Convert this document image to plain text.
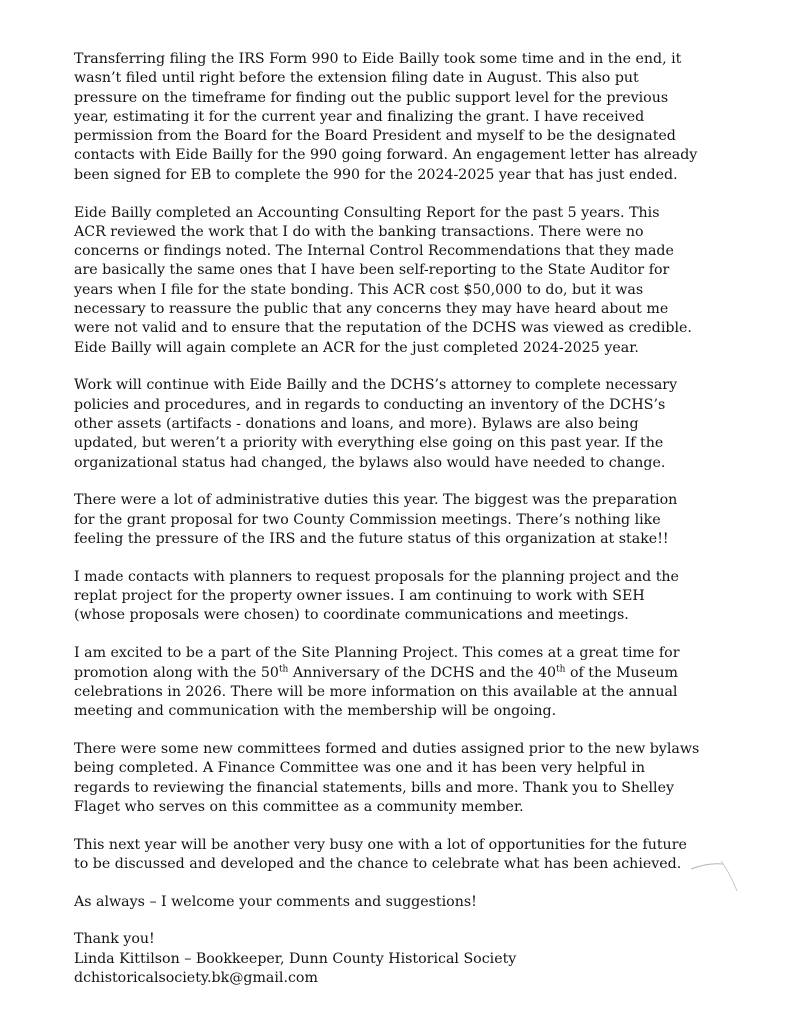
Transferring filing the IRS Form 990 to Eide Bailly took some time and in the end, it
wasn’t filed until right before the extension filing date in August. This also put
pressure on the timeframe for finding out the public support level for the previous
year, estimating it for the current year and finalizing the grant. I have received
permission from the Board for the Board President and myself to be the designated
contacts with Eide Bailly for the 990 going forward. An engagement letter has already
been signed for EB to complete the 990 for the 2024-2025 year that has just ended.

Eide Bailly completed an Accounting Consulting Report for the past 5 years. This
ACR reviewed the work that I do with the banking transactions. There were no
concerns or findings noted. The Internal Control Recommendations that they made
are basically the same ones that I have been self-reporting to the State Auditor for
years when I file for the state bonding. This ACR cost $50,000 to do, but it was
necessary to reassure the public that any concerns they may have heard about me
were not valid and to ensure that the reputation of the DCHS was viewed as credible.
Eide Bailly will again complete an ACR for the just completed 2024-2025 year.

Work will continue with Eide Bailly and the DCHS’s attorney to complete necessary
policies and procedures, and in regards to conducting an inventory of the DCHS’s
other assets (artifacts - donations and loans, and more). Bylaws are also being
updated, but weren’t a priority with everything else going on this past year. If the
organizational status had changed, the bylaws also would have needed to change.

There were a lot of administrative duties this year. The biggest was the preparation
for the grant proposal for two County Commission meetings. There’s nothing like
feeling the pressure of the IRS and the future status of this organization at stake!!

I made contacts with planners to request proposals for the planning project and the
replat project for the property owner issues. I am continuing to work with SEH
(whose proposals were chosen) to coordinate communications and meetings.

I am excited to be a part of the Site Planning Project. This comes at a great time for
promotion along with the 50th Anniversary of the DCHS and the 40th of the Museum
celebrations in 2026. There will be more information on this available at the annual
meeting and communication with the membership will be ongoing.

There were some new committees formed and duties assigned prior to the new bylaws
being completed. A Finance Committee was one and it has been very helpful in
regards to reviewing the financial statements, bills and more. Thank you to Shelley
Flaget who serves on this committee as a community member.

This next year will be another very busy one with a lot of opportunities for the future
to be discussed and developed and the chance to celebrate what has been achieved.

As always – I welcome your comments and suggestions!

Thank you!
Linda Kittilson – Bookkeeper, Dunn County Historical Society
dchistoricalsociety.bk@gmail.com
